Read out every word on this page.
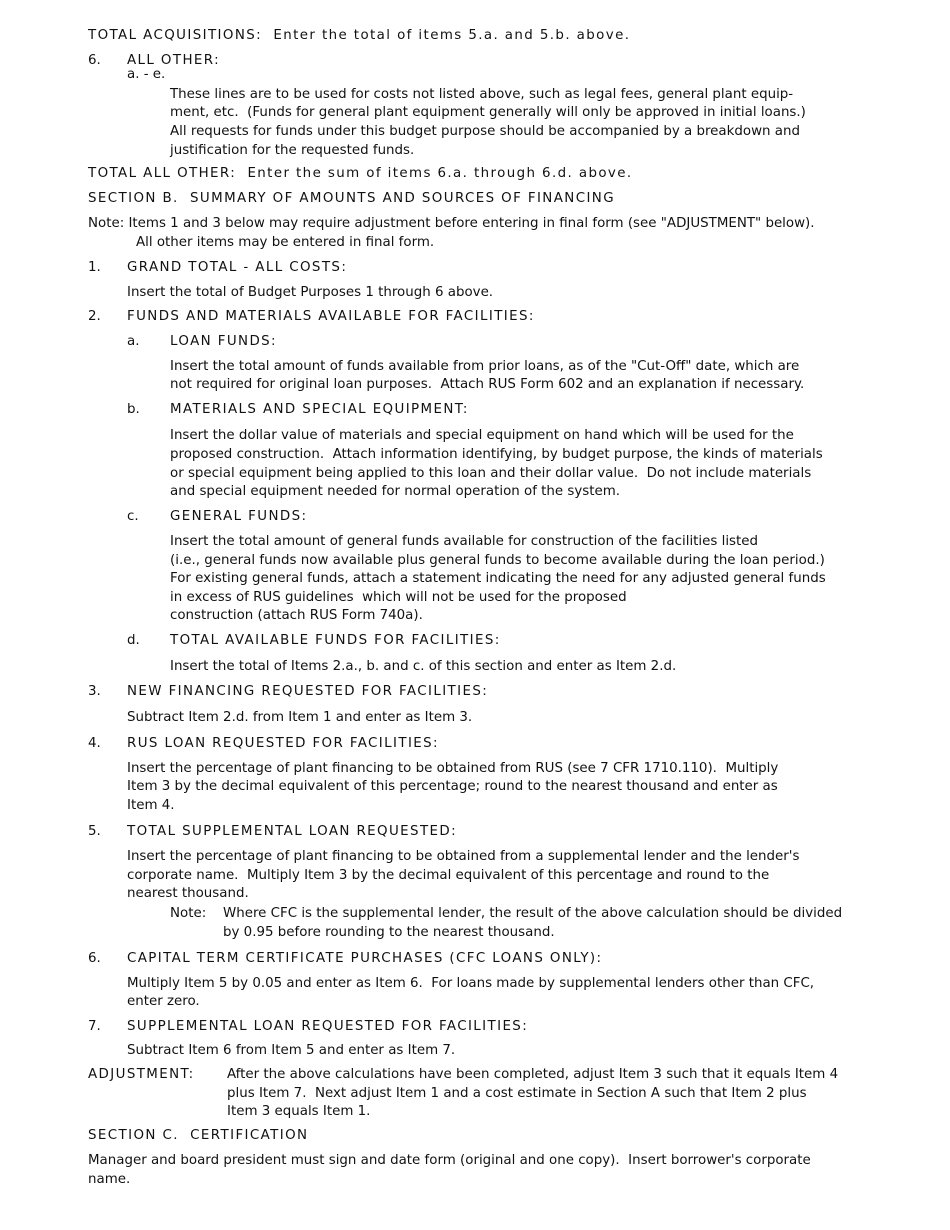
TOTAL ACQUISITIONS:  Enter the total of items 5.a. and 5.b. above.
6. ALL OTHER:
a. - e.
These lines are to be used for costs not listed above, such as legal fees, general plant equip-
ment, etc.  (Funds for general plant equipment generally will only be approved in initial loans.)
All requests for funds under this budget purpose should be accompanied by a breakdown and
justification for the requested funds.
TOTAL ALL OTHER:  Enter the sum of items 6.a. through 6.d. above.
SECTION B.  SUMMARY OF AMOUNTS AND SOURCES OF FINANCING
Note: Items 1 and 3 below may require adjustment before entering in final form (see "ADJUSTMENT" below).
All other items may be entered in final form.
1. GRAND TOTAL - ALL COSTS:
Insert the total of Budget Purposes 1 through 6 above.
2. FUNDS AND MATERIALS AVAILABLE FOR FACILITIES:
a. LOAN FUNDS:
Insert the total amount of funds available from prior loans, as of the "Cut-Off" date, which are
not required for original loan purposes.  Attach RUS Form 602 and an explanation if necessary.
b. MATERIALS AND SPECIAL EQUIPMENT:
Insert the dollar value of materials and special equipment on hand which will be used for the
proposed construction.  Attach information identifying, by budget purpose, the kinds of materials
or special equipment being applied to this loan and their dollar value.  Do not include materials
and special equipment needed for normal operation of the system.
c. GENERAL FUNDS:
Insert the total amount of general funds available for construction of the facilities listed
(i.e., general funds now available plus general funds to become available during the loan period.)
For existing general funds, attach a statement indicating the need for any adjusted general funds
in excess of RUS guidelines  which will not be used for the proposed
construction (attach RUS Form 740a).
d. TOTAL AVAILABLE FUNDS FOR FACILITIES:
Insert the total of Items 2.a., b. and c. of this section and enter as Item 2.d.
3. NEW FINANCING REQUESTED FOR FACILITIES:
Subtract Item 2.d. from Item 1 and enter as Item 3.
4. RUS LOAN REQUESTED FOR FACILITIES:
Insert the percentage of plant financing to be obtained from RUS (see 7 CFR 1710.110).  Multiply
Item 3 by the decimal equivalent of this percentage; round to the nearest thousand and enter as
Item 4.
5. TOTAL SUPPLEMENTAL LOAN REQUESTED:
Insert the percentage of plant financing to be obtained from a supplemental lender and the lender's
corporate name.  Multiply Item 3 by the decimal equivalent of this percentage and round to the
nearest thousand.
Note: Where CFC is the supplemental lender, the result of the above calculation should be divided
by 0.95 before rounding to the nearest thousand.
6. CAPITAL TERM CERTIFICATE PURCHASES (CFC LOANS ONLY):
Multiply Item 5 by 0.05 and enter as Item 6.  For loans made by supplemental lenders other than CFC,
enter zero.
7. SUPPLEMENTAL LOAN REQUESTED FOR FACILITIES:
Subtract Item 6 from Item 5 and enter as Item 7.
ADJUSTMENT: After the above calculations have been completed, adjust Item 3 such that it equals Item 4
plus Item 7.  Next adjust Item 1 and a cost estimate in Section A such that Item 2 plus
Item 3 equals Item 1.
SECTION C.  CERTIFICATION
Manager and board president must sign and date form (original and one copy).  Insert borrower's corporate
name.
